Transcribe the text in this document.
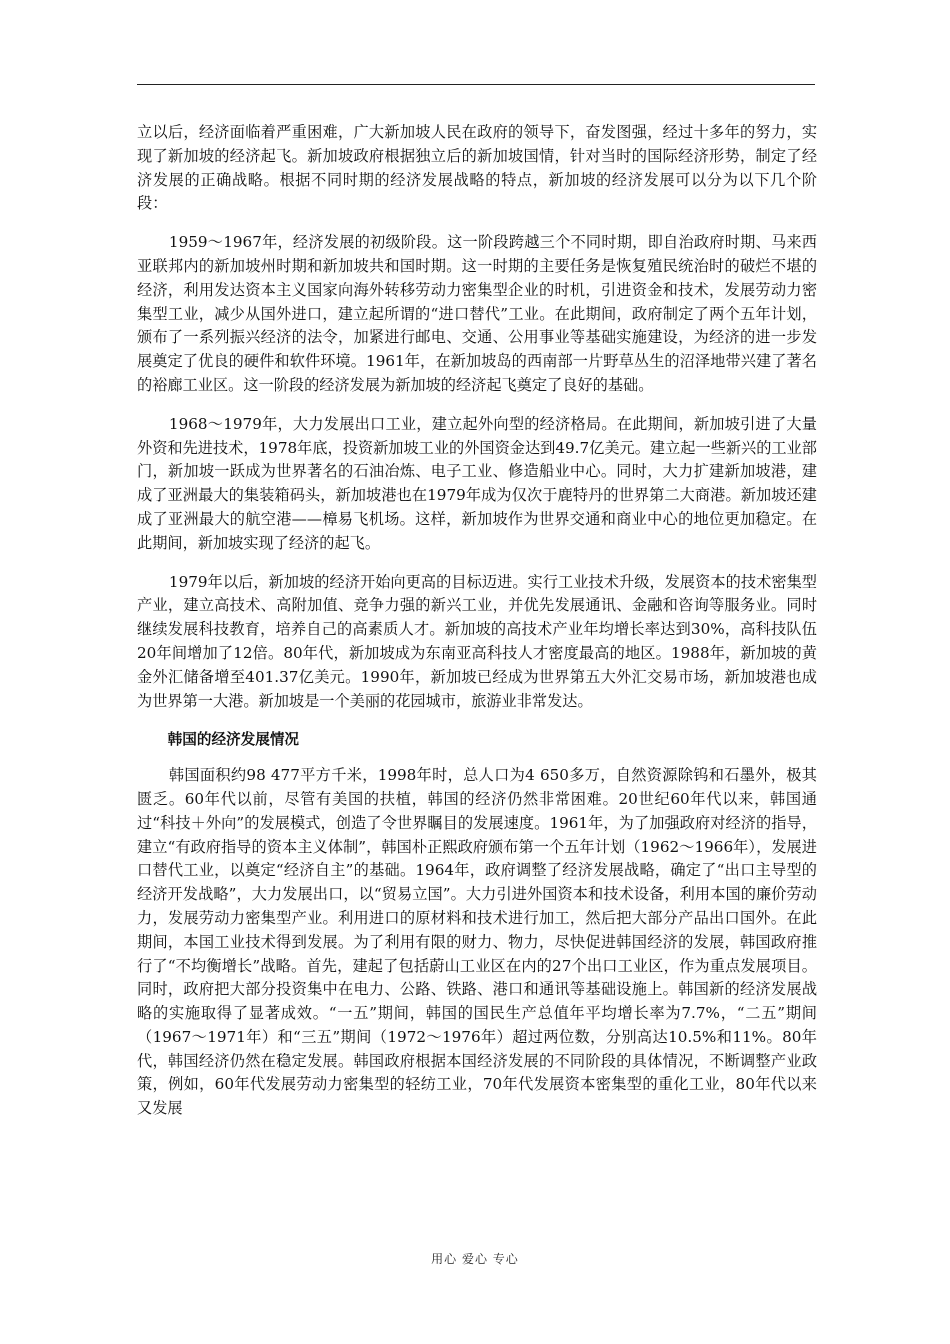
立以后，经济面临着严重困难，广大新加坡人民在政府的领导下，奋发图强，经过十多年的努力，实现了新加坡的经济起飞。新加坡政府根据独立后的新加坡国情，针对当时的国际经济形势，制定了经济发展的正确战略。根据不同时期的经济发展战略的特点，新加坡的经济发展可以分为以下几个阶段：

1959～1967年，经济发展的初级阶段。这一阶段跨越三个不同时期，即自治政府时期、马来西亚联邦内的新加坡州时期和新加坡共和国时期。这一时期的主要任务是恢复殖民统治时的破烂不堪的经济，利用发达资本主义国家向海外转移劳动力密集型企业的时机，引进资金和技术，发展劳动力密集型工业，减少从国外进口，建立起所谓的“进口替代”工业。在此期间，政府制定了两个五年计划，颁布了一系列振兴经济的法令，加紧进行邮电、交通、公用事业等基础实施建设，为经济的进一步发展奠定了优良的硬件和软件环境。1961年，在新加坡岛的西南部一片野草丛生的沼泽地带兴建了著名的裕廊工业区。这一阶段的经济发展为新加坡的经济起飞奠定了良好的基础。

1968～1979年，大力发展出口工业，建立起外向型的经济格局。在此期间，新加坡引进了大量外资和先进技术，1978年底，投资新加坡工业的外国资金达到49.7亿美元。建立起一些新兴的工业部门，新加坡一跃成为世界著名的石油冶炼、电子工业、修造船业中心。同时，大力扩建新加坡港，建成了亚洲最大的集装箱码头，新加坡港也在1979年成为仅次于鹿特丹的世界第二大商港。新加坡还建成了亚洲最大的航空港——樟易飞机场。这样，新加坡作为世界交通和商业中心的地位更加稳定。在此期间，新加坡实现了经济的起飞。

1979年以后，新加坡的经济开始向更高的目标迈进。实行工业技术升级，发展资本的技术密集型产业，建立高技术、高附加值、竞争力强的新兴工业，并优先发展通讯、金融和咨询等服务业。同时继续发展科技教育，培养自己的高素质人才。新加坡的高技术产业年均增长率达到30%，高科技队伍20年间增加了12倍。80年代，新加坡成为东南亚高科技人才密度最高的地区。1988年，新加坡的黄金外汇储备增至401.37亿美元。1990年，新加坡已经成为世界第五大外汇交易市场，新加坡港也成为世界第一大港。新加坡是一个美丽的花园城市，旅游业非常发达。

韩国的经济发展情况

韩国面积约98 477平方千米，1998年时，总人口为4 650多万，自然资源除钨和石墨外，极其匮乏。60年代以前，尽管有美国的扶植，韩国的经济仍然非常困难。20世纪60年代以来，韩国通过“科技＋外向”的发展模式，创造了令世界瞩目的发展速度。1961年，为了加强政府对经济的指导，建立“有政府指导的资本主义体制”，韩国朴正熙政府颁布第一个五年计划（1962～1966年），发展进口替代工业，以奠定“经济自主”的基础。1964年，政府调整了经济发展战略，确定了“出口主导型的经济开发战略”，大力发展出口，以“贸易立国”。大力引进外国资本和技术设备，利用本国的廉价劳动力，发展劳动力密集型产业。利用进口的原材料和技术进行加工，然后把大部分产品出口国外。在此期间，本国工业技术得到发展。为了利用有限的财力、物力，尽快促进韩国经济的发展，韩国政府推行了“不均衡增长”战略。首先，建起了包括蔚山工业区在内的27个出口工业区，作为重点发展项目。同时，政府把大部分投资集中在电力、公路、铁路、港口和通讯等基础设施上。韩国新的经济发展战略的实施取得了显著成效。“一五”期间，韩国的国民生产总值年平均增长率为7.7%，“二五”期间（1967～1971年）和“三五”期间（1972～1976年）超过两位数，分别高达10.5%和11%。80年代，韩国经济仍然在稳定发展。韩国政府根据本国经济发展的不同阶段的具体情况，不断调整产业政策，例如，60年代发展劳动力密集型的轻纺工业，70年代发展资本密集型的重化工业，80年代以来又发展

用心 爱心 专心
